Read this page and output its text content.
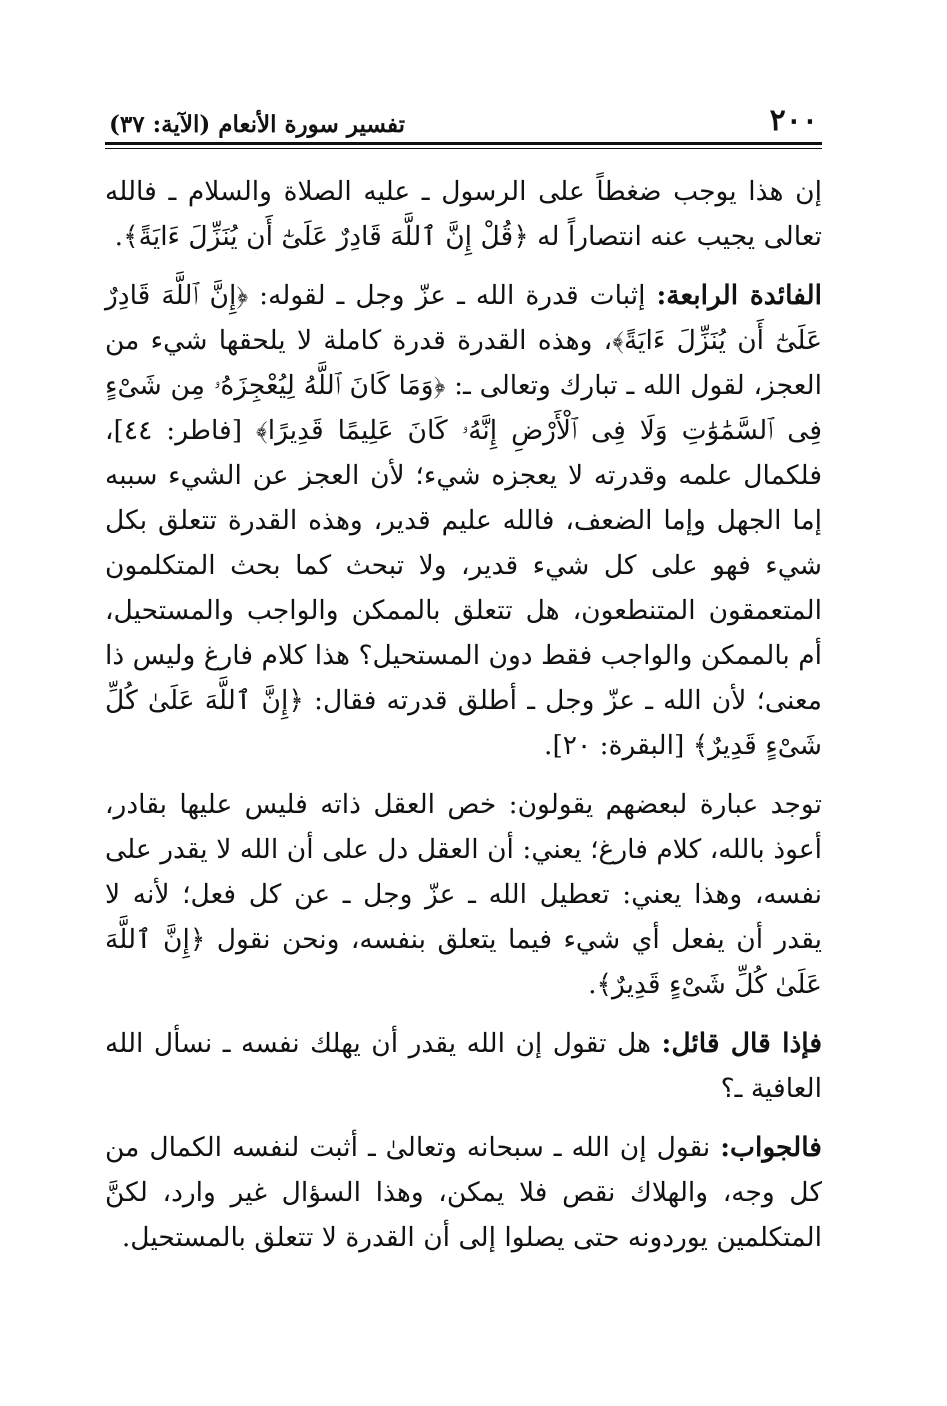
٢٠٠
تفسير سورة الأنعام (الآية: ٣٧)

إن هذا يوجب ضغطاً على الرسول ـ عليه الصلاة والسلام ـ فالله تعالى يجيب عنه انتصاراً له ﴿قُلْ إِنَّ ٱللَّهَ قَادِرٌ عَلَىٰٓ أَن يُنَزِّلَ ءَايَةً﴾.

الفائدة الرابعة: إثبات قدرة الله ـ عزّ وجل ـ لقوله: ﴿إِنَّ ٱللَّهَ قَادِرٌ عَلَىٰٓ أَن يُنَزِّلَ ءَايَةً﴾، وهذه القدرة قدرة كاملة لا يلحقها شيء من العجز، لقول الله ـ تبارك وتعالى ـ: ﴿وَمَا كَانَ ٱللَّهُ لِيُعْجِزَهُۥ مِن شَىْءٍ فِى ٱلسَّمَٰوَٰتِ وَلَا فِى ٱلْأَرْضِ إِنَّهُۥ كَانَ عَلِيمًا قَدِيرًا﴾ [فاطر: ٤٤]، فلكمال علمه وقدرته لا يعجزه شيء؛ لأن العجز عن الشيء سببه إما الجهل وإما الضعف، فالله عليم قدير، وهذه القدرة تتعلق بكل شيء فهو على كل شيء قدير، ولا تبحث كما بحث المتكلمون المتعمقون المتنطعون، هل تتعلق بالممكن والواجب والمستحيل، أم بالممكن والواجب فقط دون المستحيل؟ هذا كلام فارغ وليس ذا معنى؛ لأن الله ـ عزّ وجل ـ أطلق قدرته فقال: ﴿إِنَّ ٱللَّهَ عَلَىٰ كُلِّ شَىْءٍ قَدِيرٌ﴾ [البقرة: ٢٠].

توجد عبارة لبعضهم يقولون: خص العقل ذاته فليس عليها بقادر، أعوذ بالله، كلام فارغ؛ يعني: أن العقل دل على أن الله لا يقدر على نفسه، وهذا يعني: تعطيل الله ـ عزّ وجل ـ عن كل فعل؛ لأنه لا يقدر أن يفعل أي شيء فيما يتعلق بنفسه، ونحن نقول ﴿إِنَّ ٱللَّهَ عَلَىٰ كُلِّ شَىْءٍ قَدِيرٌ﴾.

فإذا قال قائل: هل تقول إن الله يقدر أن يهلك نفسه ـ نسأل الله العافية ـ؟

فالجواب: نقول إن الله ـ سبحانه وتعالىٰ ـ أثبت لنفسه الكمال من كل وجه، والهلاك نقص فلا يمكن، وهذا السؤال غير وارد، لكنَّ المتكلمين يوردونه حتى يصلوا إلى أن القدرة لا تتعلق بالمستحيل.
